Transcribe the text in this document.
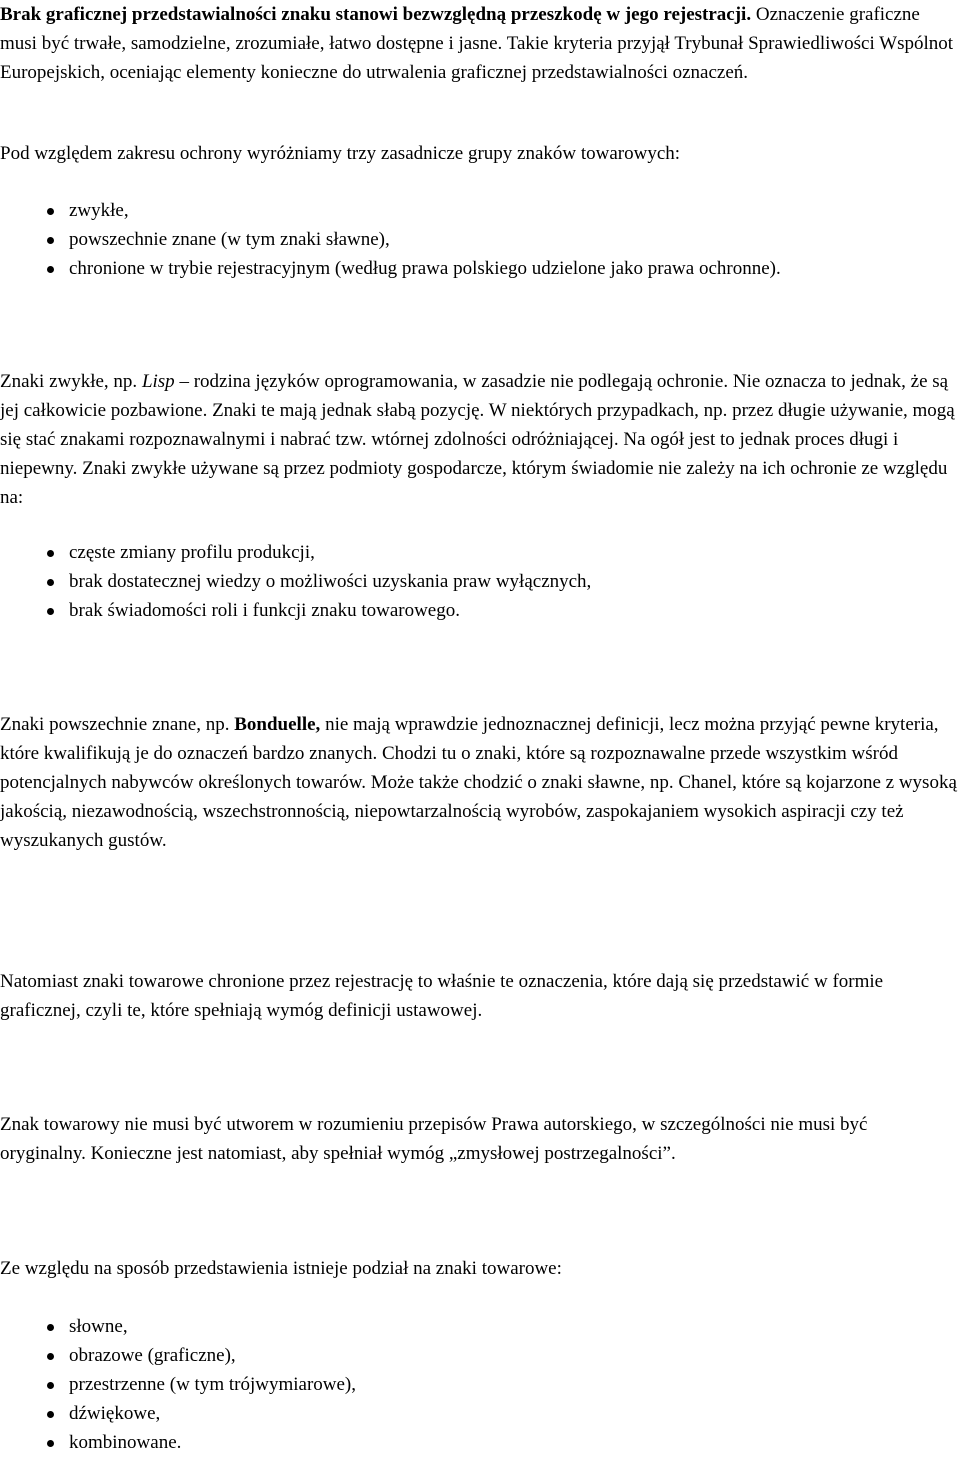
Brak graficznej przedstawialności znaku stanowi bezwzględną przeszkodę w jego rejestracji. Oznaczenie graficzne musi być trwałe, samodzielne, zrozumiałe, łatwo dostępne i jasne. Takie kryteria przyjął Trybunał Sprawiedliwości Wspólnot Europejskich, oceniając elementy konieczne do utrwalenia graficznej przedstawialności oznaczeń.

Pod względem zakresu ochrony wyróżniamy trzy zasadnicze grupy znaków towarowych:

zwykłe,
powszechnie znane (w tym znaki sławne),
chronione w trybie rejestracyjnym (według prawa polskiego udzielone jako prawa ochronne).

Znaki zwykłe, np. Lisp – rodzina języków oprogramowania, w zasadzie nie podlegają ochronie. Nie oznacza to jednak, że są jej całkowicie pozbawione. Znaki te mają jednak słabą pozycję. W niektórych przypadkach, np. przez długie używanie, mogą się stać znakami rozpoznawalnymi i nabrać tzw. wtórnej zdolności odróżniającej. Na ogół jest to jednak proces długi i niepewny. Znaki zwykłe używane są przez podmioty gospodarcze, którym świadomie nie zależy na ich ochronie ze względu na:

częste zmiany profilu produkcji,
brak dostatecznej wiedzy o możliwości uzyskania praw wyłącznych,
brak świadomości roli i funkcji znaku towarowego.

Znaki powszechnie znane, np. Bonduelle, nie mają wprawdzie jednoznacznej definicji, lecz można przyjąć pewne kryteria, które kwalifikują je do oznaczeń bardzo znanych. Chodzi tu o znaki, które są rozpoznawalne przede wszystkim wśród potencjalnych nabywców określonych towarów. Może także chodzić o znaki sławne, np. Chanel, które są kojarzone z wysoką jakością, niezawodnością, wszechstronnością, niepowtarzalnością wyrobów, zaspokajaniem wysokich aspiracji czy też wyszukanych gustów.

Natomiast znaki towarowe chronione przez rejestrację to właśnie te oznaczenia, które dają się przedstawić w formie graficznej, czyli te, które spełniają wymóg definicji ustawowej.

Znak towarowy nie musi być utworem w rozumieniu przepisów Prawa autorskiego, w szczególności nie musi być oryginalny. Konieczne jest natomiast, aby spełniał wymóg „zmysłowej postrzegalności”.

Ze względu na sposób przedstawienia istnieje podział na znaki towarowe:

słowne,
obrazowe (graficzne),
przestrzenne (w tym trójwymiarowe),
dźwiękowe,
kombinowane.
